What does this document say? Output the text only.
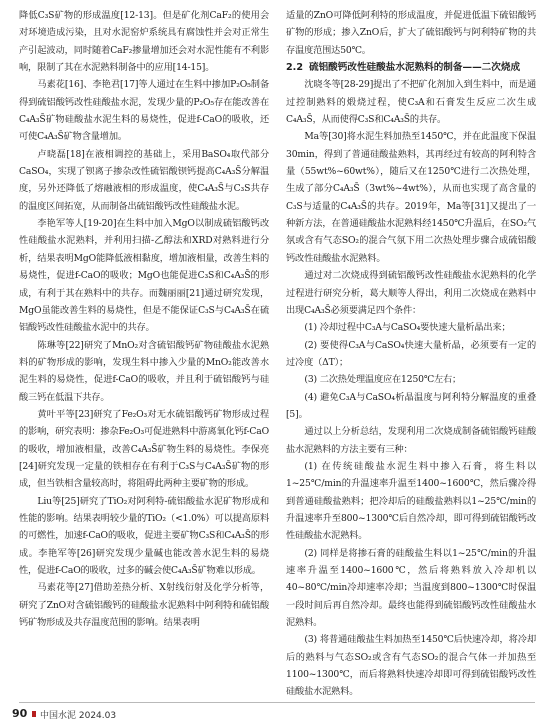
降低C₃S矿物的形成温度[12-13]。但是矿化剂CaF₂的使用会对环境造成污染，且对水泥窑炉系统具有腐蚀性并会对正常生产引起波动，同时随着CaF₂掺量增加还会对水泥性能有不利影响，限制了其在水泥熟料制备中的应用[14-15]。

马素花[16]、李艳君[17]等人通过在生料中掺加P₂O₅制备得到硫铝酸钙改性硅酸盐水泥，发现少量的P₂O₅存在能改善在C₄A₃S̄矿物硅酸盐水泥生料的易烧性，促进f-CaO的吸收，还可使C₄A₃S̄矿物含量增加。

卢晓磊[18]在液相调控的基础上，采用BaSO₄取代部分CaSO₄，实现了钡离子掺杂改性硫铝酸钡钙提高C₄A₃S̄分解温度，另外还降低了熔融液相的形成温度，使C₄A₃S̄与C₃S共存的温度区间拓宽，从而制备出硫铝酸钙改性硅酸盐水泥。

李艳军等人[19-20]在生料中加入MgO以制成硫铝酸钙改性硅酸盐水泥熟料，并利用扫描-乙醇法和XRD对熟料进行分析，结果表明MgO能降低液相黏度，增加液相量，改善生料的易烧性，促进f-CaO的吸收；MgO也能促进C₃S和C₄A₃S̄的形成，有利于其在熟料中的共存。而魏丽丽[21]通过研究发现，MgO虽能改善生料的易烧性，但是不能保证C₃S与C₄A₃S̄在硫铝酸钙改性硅酸盐水泥中的共存。

陈琳等[22]研究了MnO₂对含硫铝酸钙矿物硅酸盐水泥熟料的矿物形成的影响，发现生料中掺入少量的MnO₂能改善水泥生料的易烧性，促进f-CaO的吸收，并且利于硫铝酸钙与硅酸三钙在低温下共存。

黄叶平等[23]研究了Fe₂O₃对无水硫铝酸钙矿物形成过程的影响，研究表明：掺杂Fe₂O₃可促进熟料中游离氧化钙f-CaO的吸收，增加液相量，改善C₄A₃S̄矿物生料的易烧性。李保亮[24]研究发现一定量的铁相存在有利于C₃S与C₄A₃S̄矿物的形成，但当铁相含量较高时，将阻碍此两种主要矿物的形成。

Liu等[25]研究了TiO₂对阿利特-硫铝酸盐水泥矿物形成和性能的影响。结果表明较少量的TiO₂（<1.0%）可以提高原料的可燃性，加速f-CaO的吸收，促进主要矿物C₃S和C₄A₃S̄的形成。李艳军等[26]研究发现少量碱也能改善水泥生料的易烧性，促进f-CaO的吸收，过多的碱会使C₄A₃S̄矿物难以形成。

马素花等[27]借助差热分析、X射线衍射及化学分析等，研究了ZnO对含硫铝酸钙的硅酸盐水泥熟料中阿利特和硫铝酸钙矿物形成及共存温度范围的影响。结果表明

适量的ZnO可降低阿利特的形成温度，并促进低温下硫铝酸钙矿物的形成；掺入ZnO后，扩大了硫铝酸钙与阿利特矿物的共存温度范围达50℃。

2.2 硫铝酸钙改性硅酸盐水泥熟料的制备——二次烧成

沈晓冬等[28-29]提出了不把矿化剂加入到生料中，而是通过控制熟料的煅烧过程，使C₃A和石膏发生反应二次生成C₄A₃S̄，从而使得C₃S和C₄A₃S̄的共存。

Ma等[30]将水泥生料加热至1450℃，并在此温度下保温30min，得到了普通硅酸盐熟料，其再经过有较高的阿利特含量（55wt%~60wt%），随后又在1250℃进行二次热处理，生成了部分C₄A₃S̄（3wt%~4wt%），从而也实现了高含量的C₃S与适量的C₄A₃S̄的共存。2019年，Ma等[31]又提出了一种新方法，在普通硅酸盐水泥熟料经1450℃升温后，在SO₂气氛或含有气态SO₂的混合气氛下用二次热处理步骤合成硫铝酸钙改性硅酸盐水泥熟料。

通过对二次烧成得到硫铝酸钙改性硅酸盐水泥熟料的化学过程进行研究分析，葛大顺等人得出，利用二次烧成在熟料中出现C₄A₃S̄必须要满足四个条件：

(1) 冷却过程中C₃A与CaSO₄要快速大量析晶出来；

(2) 要使得C₃A与CaSO₄快速大量析晶，必须要有一定的过冷度（ΔT）；

(3) 二次热处理温度应在1250℃左右；

(4) 避免C₃A与CaSO₄析晶温度与阿利特分解温度的重叠[5]。

通过以上分析总结，发现利用二次烧成制备硫铝酸钙硅酸盐水泥熟料的方法主要有三种：

(1) 在传统硅酸盐水泥生料中掺入石膏，将生料以1~25℃/min的升温速率升温至1400~1600℃，然后骤冷得到普通硅酸盐熟料；把冷却后的硅酸盐熟料以1~25℃/min的升温速率升至800~1300℃后自然冷却，即可得到硫铝酸钙改性硅酸盐水泥熟料。

(2) 同样是将掺石膏的硅酸盐生料以1~25℃/min的升温速率升温至1400~1600℃，然后将熟料放入冷却机以40~80℃/min冷却速率冷却；当温度到800~1300℃时保温一段时间后再自然冷却。最终也能得到硫铝酸钙改性硅酸盐水泥熟料。

(3) 将普通硅酸盐生料加热至1450℃后快速冷却，将冷却后的熟料与气态SO₂或含有气态SO₂的混合气体一并加热至1100~1300℃，而后将熟料快速冷却即可得到硫铝酸钙改性硅酸盐水泥熟料。

90 中国水泥 2024.03
